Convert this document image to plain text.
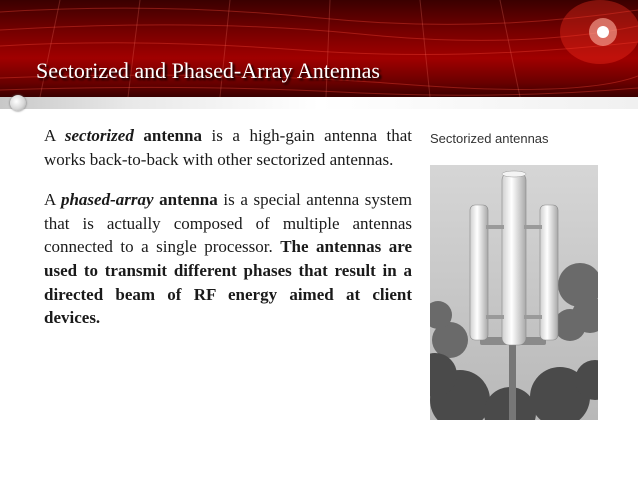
Sectorized and Phased-Array Antennas

A sectorized antenna is a high-gain antenna that works back-to-back with other sectorized antennas.

A phased-array antenna is a special antenna system that is actually composed of multiple antennas connected to a single processor. The antennas are used to transmit different phases that result in a directed beam of RF energy aimed at client devices.

Sectorized antennas
